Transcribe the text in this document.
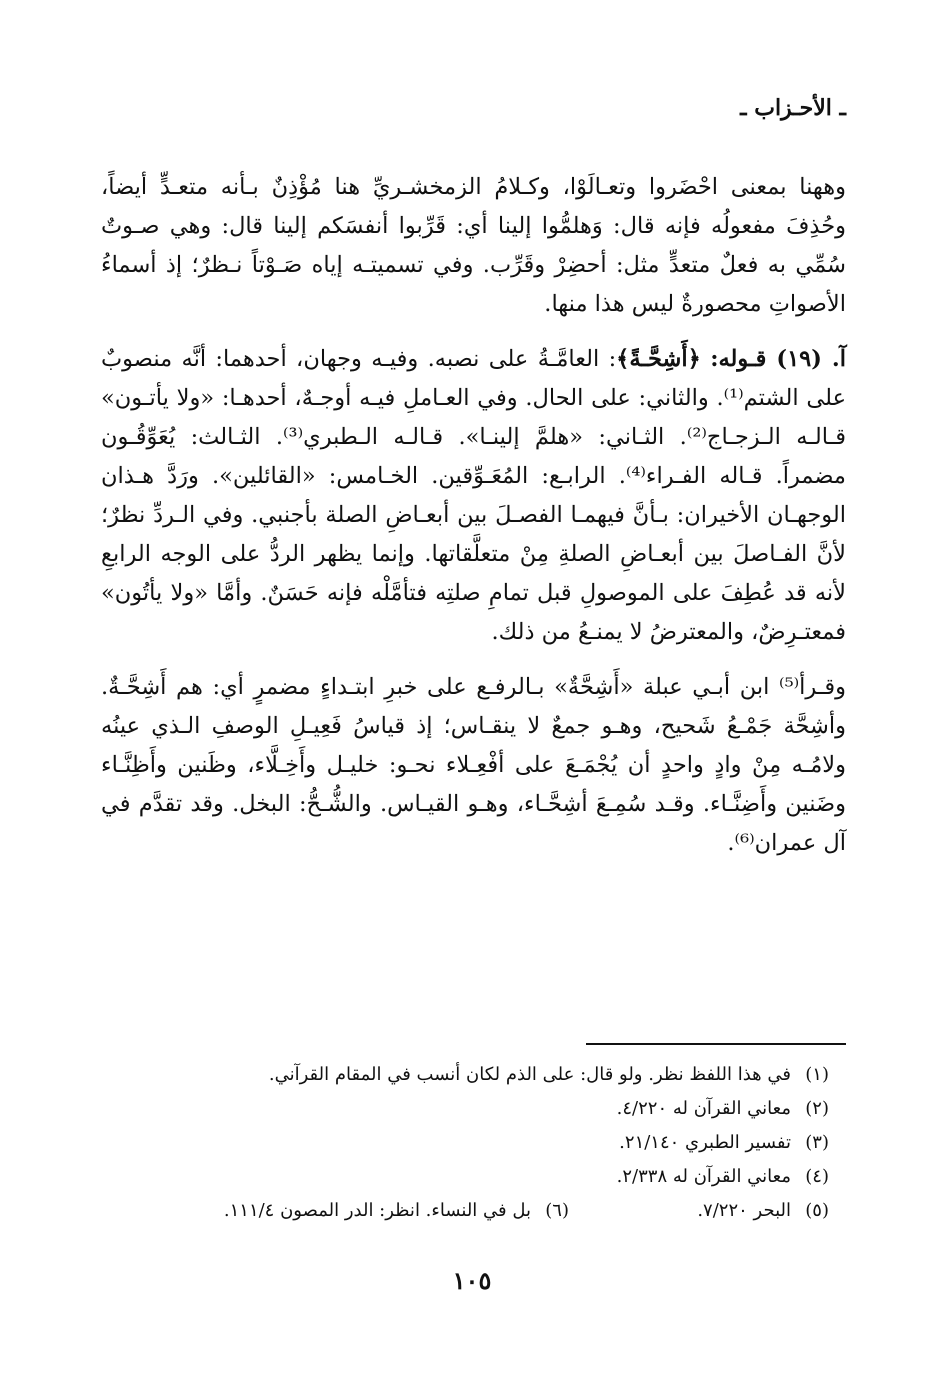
ـ الأحـزاب ـ

وههنا بمعنى احْضَروا وتعـالَوْا، وكـلامُ الزمخشـريِّ هنا مُؤْذِنٌ بـأنه متعـدٍّ أيضاً، وحُذِفَ مفعولُه فإنه قال: وَهلمُّوا إلينا أي: قَرِّبوا أنفسَكم إلينا قال: وهي صـوتٌ سُمِّي به فعلٌ متعدٍّ مثل: أحضِرْ وقَرِّب. وفي تسميتـه إياه صَـوْتاً نـظرٌ؛ إذ أسماءُ الأصواتِ محصورةٌ ليس هذا منها.

آ. (١٩) قـوله: ﴿أَشِحَّـةً﴾: العامَّـةُ على نصبه. وفيـه وجهان، أحدهما: أنَّه منصوبٌ على الشتم⁽¹⁾. والثاني: على الحال. وفي العـاملِ فيـه أوجـهٌ، أحدهـا: «ولا يأتـون» قـالـه الـزجـاج⁽²⁾. الثـاني: «هلمَّ إلينـا». قـالـه الـطبري⁽³⁾. الثـالث: يُعَوِّقُـون مضمراً. قـاله الفـراء⁽⁴⁾. الرابـع: المُعَـوِّقين. الخـامس: «القائلين». ورَدَّ هـذان الوجهـان الأخيران: بـأنَّ فيهمـا الفصـلَ بين أبعـاضِ الصلة بأجنبي. وفي الـردِّ نظرٌ؛ لأنَّ الفـاصلَ بين أبعـاضِ الصلةِ مِنْ متعلَّقاتها. وإنما يظهر الردُّ على الوجه الرابعِ لأنه قد عُطِفَ على الموصولِ قبل تمامِ صلتِه فتأمَّلْه فإنه حَسَنٌ. وأمَّا «ولا يأتُون» فمعتـرِضٌ، والمعترضُ لا يمنـعُ من ذلك.

وقـرأ⁽⁵⁾ ابن أبـي عبلة «أَشِحَّةٌ» بـالرفـع على خبرِ ابتـداءٍ مضمرٍ أي: هم أَشِحَّـةٌ. وأشِحَّة جَمْـعُ شَحيح، وهـو جمعٌ لا ينقـاس؛ إذ قياسُ فَعِيـلِ الوصفِ الـذي عينُه ولامُـه مِنْ وادٍ واحدٍ أن يُجْمَـعَ على أفْعِـلاء نحـو: خليـل وأَخِـلَّاء، وظَنين وأَظِنَّـاء وضَنين وأَضِنَّـاء. وقـد سُمِـعَ أشِحَّـاء، وهـو القيـاس. والشُّـحُّ: البخل. وقد تقدَّم في آل عمران⁽⁶⁾.

(١)
في هذا اللفظ نظر. ولو قال: على الذم لكان أنسب في المقام القرآني.
(٢)
معاني القرآن له ٤/٢٢٠.
(٣)
تفسير الطبري ٢١/١٤٠.
(٤)
معاني القرآن له ٢/٣٣٨.
(٥)
البحر ٧/٢٢٠.
(٦)
بل في النساء. انظر: الدر المصون ١١١/٤.
١٠٥
